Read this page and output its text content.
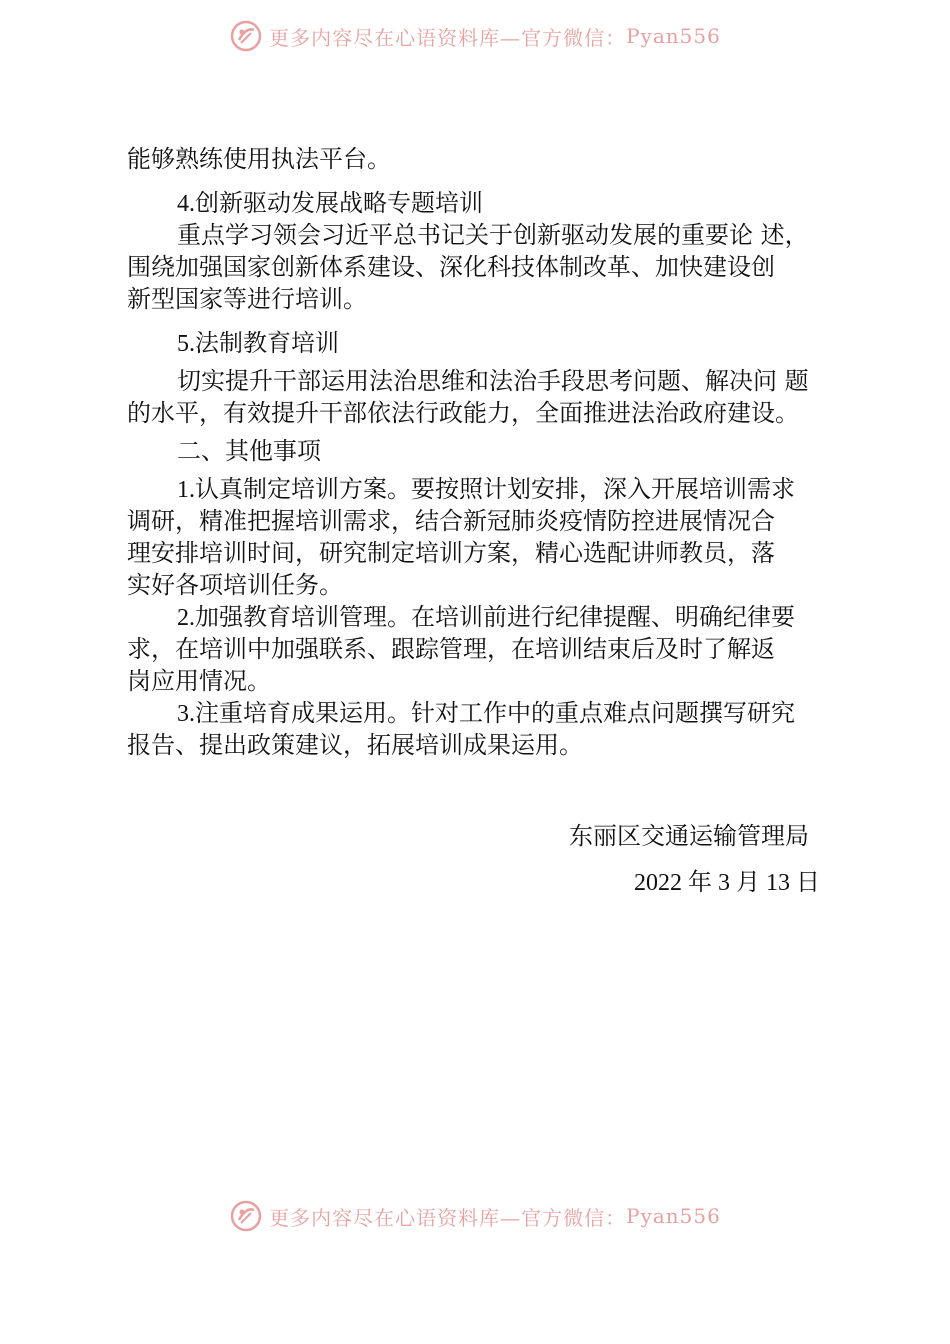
更多内容尽在心语资料库—官方微信： Pyan556
能够熟练使用执法平台。
4.创新驱动发展战略专题培训
重点学习领会习近平总书记关于创新驱动发展的重要论 述，
围绕加强国家创新体系建设、深化科技体制改革、加快建设创
新型国家等进行培训。
5.法制教育培训
切实提升干部运用法治思维和法治手段思考问题、解决问 题
的水平，有效提升干部依法行政能力，全面推进法治政府建设。
二、其他事项
1.认真制定培训方案。要按照计划安排，深入开展培训需求
调研，精准把握培训需求，结合新冠肺炎疫情防控进展情况合
理安排培训时间，研究制定培训方案，精心选配讲师教员，落
实好各项培训任务。
2.加强教育培训管理。在培训前进行纪律提醒、明确纪律要
求，在培训中加强联系、跟踪管理，在培训结束后及时了解返
岗应用情况。
3.注重培育成果运用。针对工作中的重点难点问题撰写研究
报告、提出政策建议，拓展培训成果运用。
东丽区交通运输管理局
2022 年 3 月 13 日
更多内容尽在心语资料库—官方微信： Pyan556
